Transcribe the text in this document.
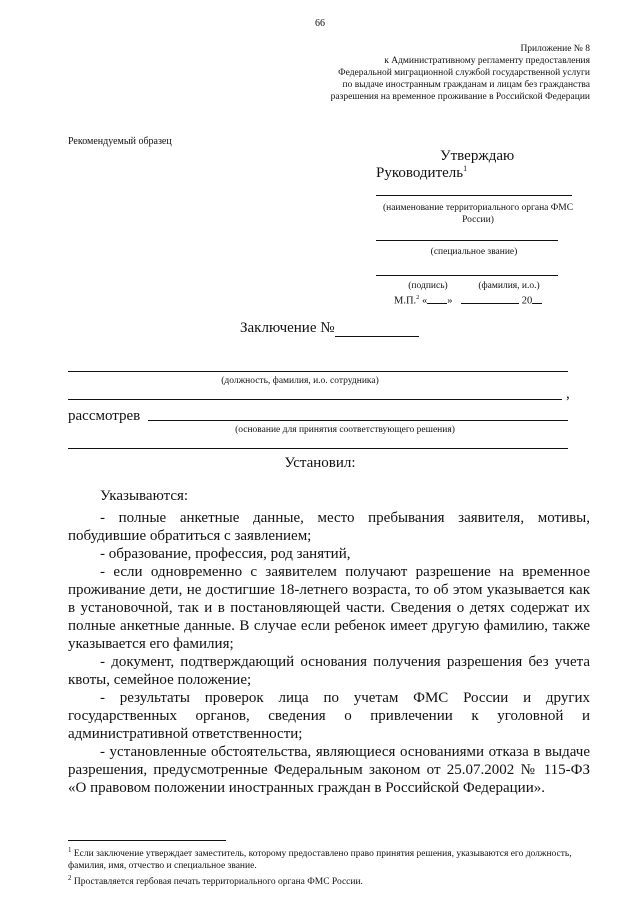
66
Приложение № 8
к Административному регламенту предоставления
Федеральной миграционной службой государственной услуги
по выдаче иностранным гражданам и лицам без гражданства
разрешения на временное проживание в Российской Федерации
Рекомендуемый образец
Утверждаю
Руководитель$^1$
(наименование территориального органа ФМС России)
(специальное звание)
(подпись)	(фамилия, и.о.)
М.П.$^2$ « »	20
Заключение №
(должность, фамилия, и.о. сотрудника)
,
рассмотрев
(основание для принятия соответствующего решения)
Установил:

Указываются:

- полные анкетные данные, место пребывания заявителя, мотивы, побудившие обратиться с заявлением;

- образование, профессия, род занятий,

- если одновременно с заявителем получают разрешение на временное проживание дети, не достигшие 18-летнего возраста, то об этом указывается как в установочной, так и в постановляющей части. Сведения о детях содержат их полные анкетные данные. В случае если ребенок имеет другую фамилию, также указывается его фамилия;

- документ, подтверждающий основания получения разрешения без учета квоты, семейное положение;

- результаты проверок лица по учетам ФМС России и других государственных органов, сведения о привлечении к уголовной и административной ответственности;

- установленные обстоятельства, являющиеся основаниями отказа в выдаче разрешения, предусмотренные Федеральным законом от 25.07.2002 № 115-ФЗ «О правовом положении иностранных граждан в Российской Федерации».

$^1$ Если заключение утверждает заместитель, которому предоставлено право принятия решения, указываются его должность, фамилия, имя, отчество и специальное звание.

$^2$ Проставляется гербовая печать территориального органа ФМС России.
